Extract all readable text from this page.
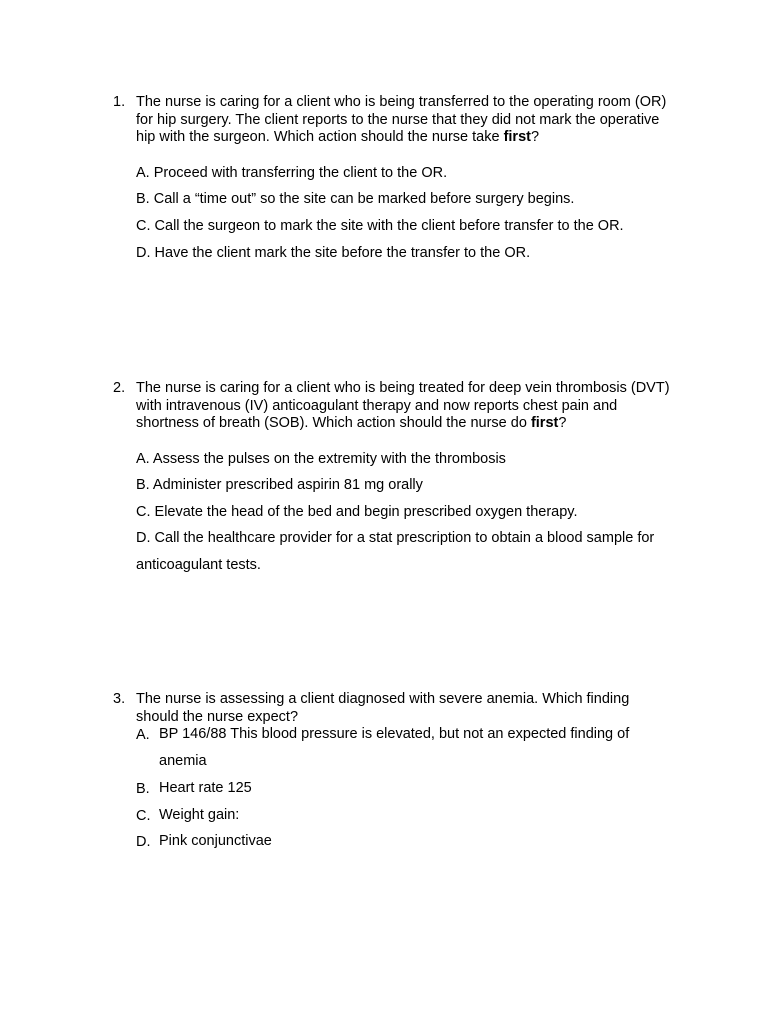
1. The nurse is caring for a client who is being transferred to the operating room (OR) for hip surgery. The client reports to the nurse that they did not mark the operative hip with the surgeon. Which action should the nurse take first?
A. Proceed with transferring the client to the OR.
B. Call a “time out” so the site can be marked before surgery begins.
C. Call the surgeon to mark the site with the client before transfer to the OR.
D. Have the client mark the site before the transfer to the OR.
2. The nurse is caring for a client who is being treated for deep vein thrombosis (DVT) with intravenous (IV) anticoagulant therapy and now reports chest pain and shortness of breath (SOB). Which action should the nurse do first?
A. Assess the pulses on the extremity with the thrombosis
B. Administer prescribed aspirin 81 mg orally
C. Elevate the head of the bed and begin prescribed oxygen therapy.
D. Call the healthcare provider for a stat prescription to obtain a blood sample for anticoagulant tests.
3. The nurse is assessing a client diagnosed with severe anemia. Which finding should the nurse expect?
A. BP 146/88 This blood pressure is elevated, but not an expected finding of anemia
B. Heart rate 125
C. Weight gain:
D. Pink conjunctivae
